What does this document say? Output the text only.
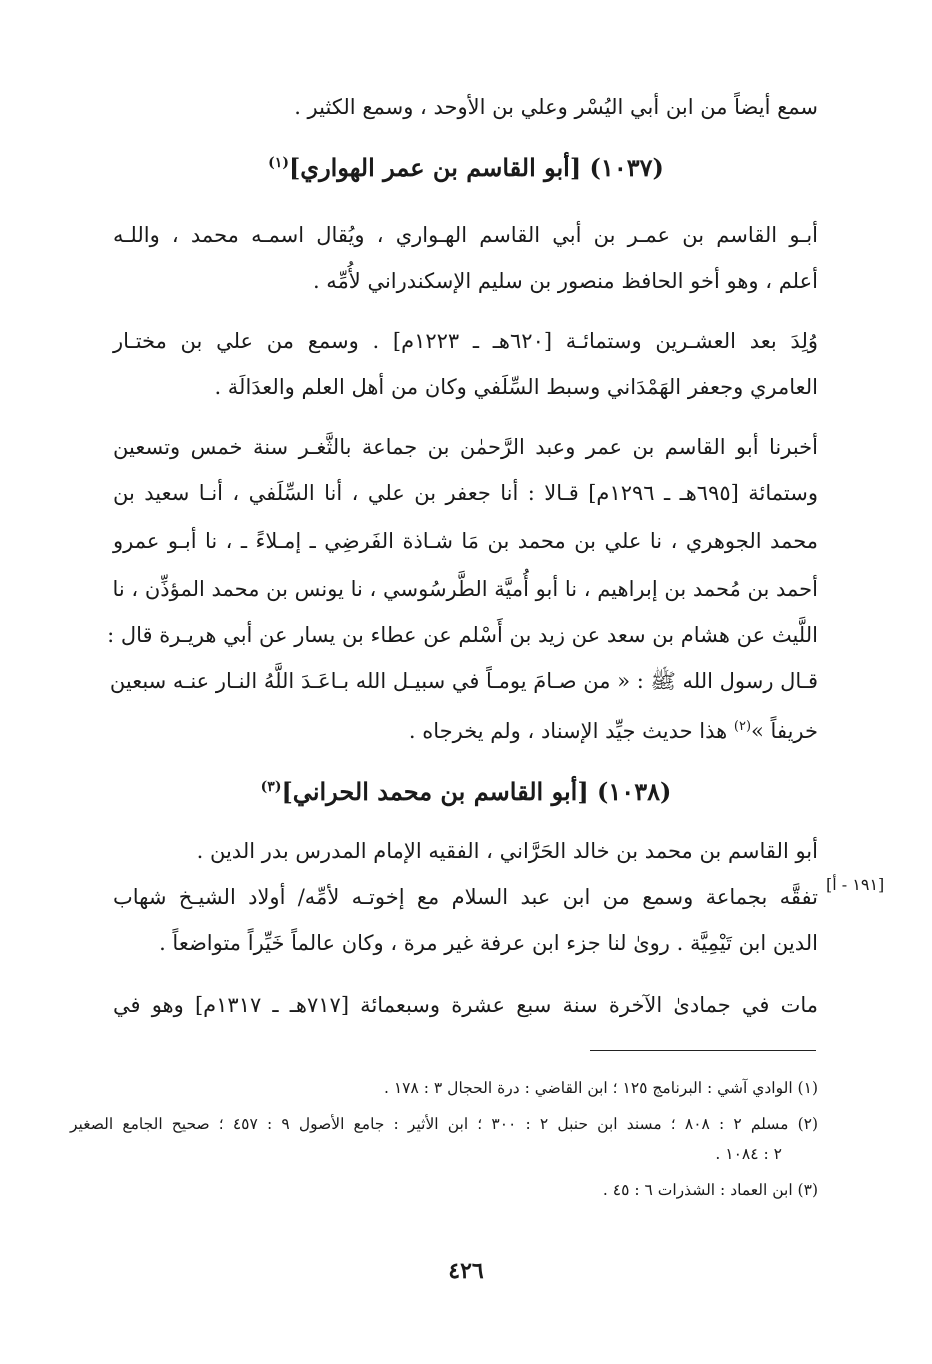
سمع أيضاً من ابن أبي اليُسْر وعلي بن الأوحد ، وسمع الكثير .
(١٠٣٧) [أبو القاسم بن عمر الهواري]$^{(١)}$
أبـو القاسم بن عمـر بن أبي القاسم الهـواري ، ويُقال اسمـه محمد ، واللـه
أعلم ، وهو أخو الحافظ منصور بن سليم الإسكندراني لأُمِّه .
وُلِدَ بعد العشـرين وستمائـة [٦٢٠هـ ـ ١٢٢٣م] . وسمع من علي بن مختـار
العامري وجعفر الهَمْدَاني وسبط السِّلَفي وكان من أهل العلم والعدَالَة .
أخبرنا أبو القاسم بن عمر وعبد الرَّحمٰن بن جماعة بالثَّغـر سنة خمس وتسعين
وستمائة [٦٩٥هـ ـ ١٢٩٦م] قـالا : أنا جعفر بن علي ، أنا السِّلَفي ، أنـا سعيد بن
محمد الجوهري ، نا علي بن محمد بن مَا شـاذة الفَرضِي ـ إمـلاءً ـ ، نا أبـو عمرو
أحمد بن مُحمد بن إبراهيم ، نا أبو أُميَّة الطَّرسُوسي ، نا يونس بن محمد المؤذِّن ، نا
اللَّيث عن هشام بن سعد عن زيد بن أَسْلم عن عطاء بن يسار عن أبي هريـرة قال :
قـال رسول الله ﷺ : « من صـامَ يومـاً في سبيـل الله بـاعَـدَ اللَّهُ النـار عنـه سبعين
خريفاً »$^{(٢)}$ هذا حديث جيِّد الإسناد ، ولم يخرجاه .
(١٠٣٨) [أبو القاسم بن محمد الحراني]$^{(٣)}$
أبو القاسم بن محمد بن خالد الحَرَّاني ، الفقيه الإمام المدرس بدر الدين .
تفقَّه بجماعة وسمع من ابن عبد السلام مع إخوتـه لأمِّه/ أولاد الشيـخ شهاب
الدين ابن تَيْمِيَّة . روىٰ لنا جزء ابن عرفة غير مرة ، وكان عالماً خَيِّراً متواضعاً .
[١٩١ - أ]
مات في جمادىٰ الآخرة سنة سبع عشرة وسبعمائة [٧١٧هـ ـ ١٣١٧م] وهو في
(١) الوادي آشي : البرنامج ١٢٥ ؛ ابن القاضي : درة الحجال ٣ : ١٧٨ .
(٢) مسلم ٢ : ٨٠٨ ؛ مسند ابن حنبل ٢ : ٣٠٠ ؛ ابن الأثير : جامع الأصول ٩ : ٤٥٧ ؛ صحيح الجامع الصغير
٢ : ١٠٨٤ .
(٣) ابن العماد : الشذرات ٦ : ٤٥ .
٤٢٦
